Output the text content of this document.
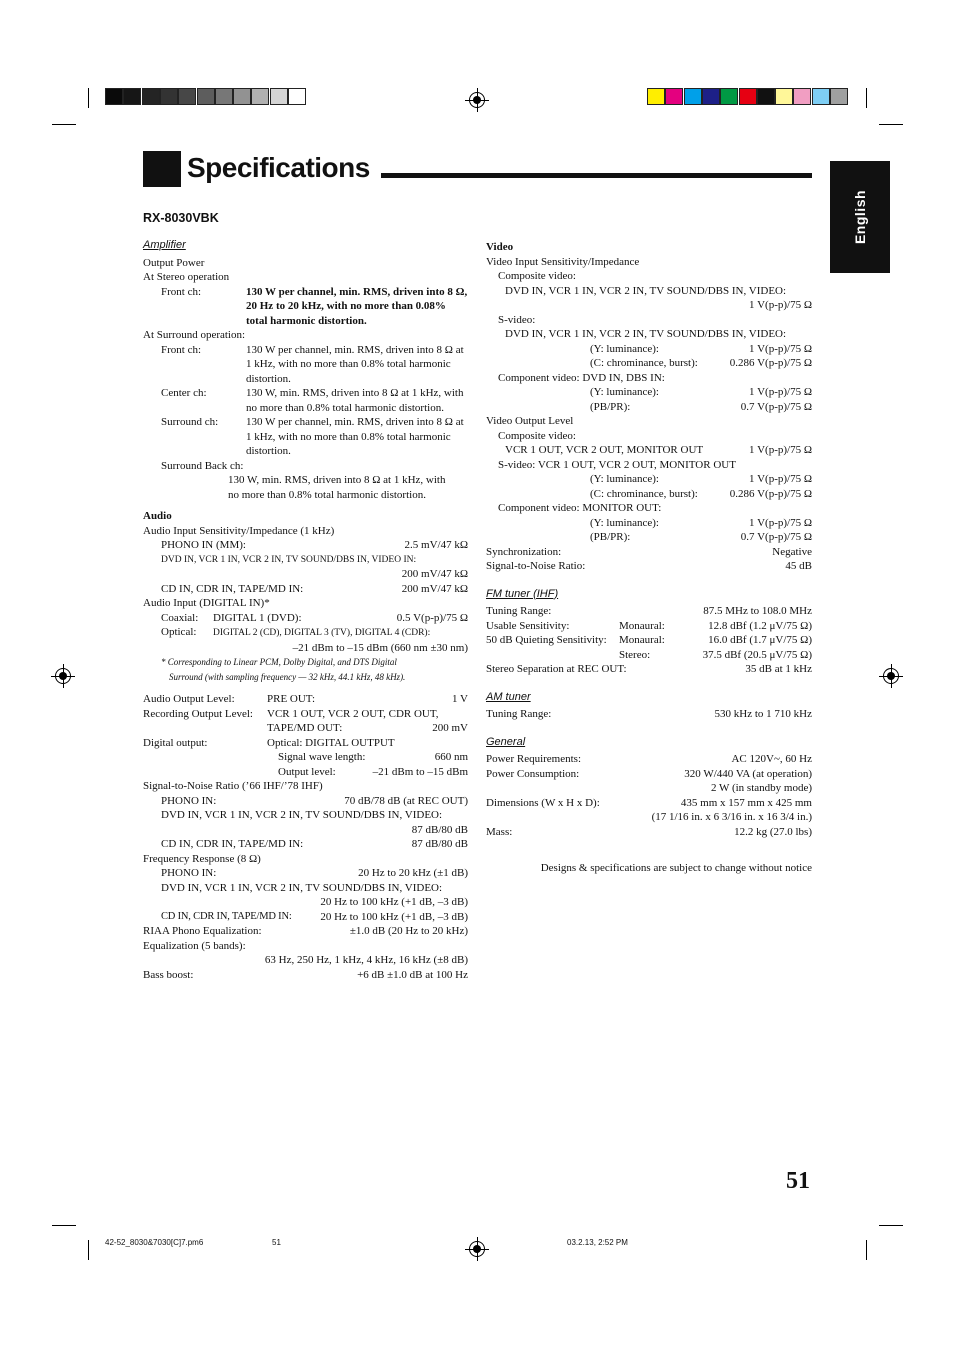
Specifications
English
RX-8030VBK
Amplifier
Output Power
At Stereo operation
Front ch:	130 W per channel, min. RMS, driven into 8 Ω,
20 Hz to 20 kHz, with no more than 0.08%
total harmonic distortion.
At Surround operation:
Front ch:	130 W per channel, min. RMS, driven into 8 Ω at
1 kHz, with no more than 0.8% total harmonic
distortion.
Center ch:	130 W, min. RMS, driven into 8 Ω at 1 kHz, with
no more than 0.8% total harmonic distortion.
Surround ch:	130 W per channel, min. RMS, driven into 8 Ω at
1 kHz, with no more than 0.8% total harmonic
distortion.
Surround Back ch:
130 W, min. RMS, driven into 8 Ω at 1 kHz, with
no more than 0.8% total harmonic distortion.
Audio
Audio Input Sensitivity/Impedance (1 kHz)
PHONO IN (MM):	2.5 mV/47 kΩ
DVD IN, VCR 1 IN, VCR 2 IN, TV SOUND/DBS IN, VIDEO IN:
200 mV/47 kΩ
CD IN, CDR IN, TAPE/MD IN:	200 mV/47 kΩ
Audio Input (DIGITAL IN)*
Coaxial: DIGITAL 1 (DVD):	0.5 V(p-p)/75 Ω
Optical: DIGITAL 2 (CD), DIGITAL 3 (TV), DIGITAL 4 (CDR):
–21 dBm to –15 dBm (660 nm ±30 nm)
* Corresponding to Linear PCM, Dolby Digital, and DTS Digital
Surround (with sampling frequency — 32 kHz, 44.1 kHz, 48 kHz).
Audio Output Level:	PRE OUT:	1 V
Recording Output Level:	VCR 1 OUT, VCR 2 OUT, CDR OUT,
TAPE/MD OUT:	200 mV
Digital output:	Optical: DIGITAL OUTPUT
Signal wave length:	660 nm
Output level:	–21 dBm to –15 dBm
Signal-to-Noise Ratio (’66 IHF/’78 IHF)
PHONO IN:	70 dB/78 dB (at REC OUT)
DVD IN, VCR 1 IN, VCR 2 IN, TV SOUND/DBS IN, VIDEO:
87 dB/80 dB
CD IN, CDR IN, TAPE/MD IN:	87 dB/80 dB
Frequency Response (8 Ω)
PHONO IN:	20 Hz to 20 kHz (±1 dB)
DVD IN, VCR 1 IN, VCR 2 IN, TV SOUND/DBS IN, VIDEO:
20 Hz to 100 kHz (+1 dB, –3 dB)
CD IN, CDR IN, TAPE/MD IN:	20 Hz to 100 kHz (+1 dB, –3 dB)
RIAA Phono Equalization:	±1.0 dB (20 Hz to 20 kHz)
Equalization (5 bands):
63 Hz, 250 Hz, 1 kHz, 4 kHz, 16 kHz (±8 dB)
Bass boost:	+6 dB ±1.0 dB at 100 Hz
Video
Video Input Sensitivity/Impedance
Composite video:
DVD IN, VCR 1 IN, VCR 2 IN, TV SOUND/DBS IN, VIDEO:
1 V(p-p)/75 Ω
S-video:
DVD IN, VCR 1 IN, VCR 2 IN, TV SOUND/DBS IN, VIDEO:
(Y: luminance):	1 V(p-p)/75 Ω
(C: chrominance, burst):	0.286 V(p-p)/75 Ω
Component video: DVD IN, DBS IN:
(Y: luminance):	1 V(p-p)/75 Ω
(PB/PR):	0.7 V(p-p)/75 Ω
Video Output Level
Composite video:
VCR 1 OUT, VCR 2 OUT, MONITOR OUT	1 V(p-p)/75 Ω
S-video: VCR 1 OUT, VCR 2 OUT, MONITOR OUT
(Y: luminance):	1 V(p-p)/75 Ω
(C: chrominance, burst):	0.286 V(p-p)/75 Ω
Component video: MONITOR OUT:
(Y: luminance):	1 V(p-p)/75 Ω
(PB/PR):	0.7 V(p-p)/75 Ω
Synchronization:	Negative
Signal-to-Noise Ratio:	45 dB
FM tuner (IHF)
Tuning Range:	87.5 MHz to 108.0 MHz
Usable Sensitivity:	Monaural:	12.8 dBf (1.2 μV/75 Ω)
50 dB Quieting Sensitivity:	Monaural:	16.0 dBf (1.7 μV/75 Ω)
Stereo:	37.5 dBf (20.5 μV/75 Ω)
Stereo Separation at REC OUT:	35 dB at 1 kHz
AM tuner
Tuning Range:	530 kHz to 1 710 kHz
General
Power Requirements:	AC 120V~, 60 Hz
Power Consumption:	320 W/440 VA (at operation)
2 W (in standby mode)
Dimensions (W x H x D):	435 mm x 157 mm x 425 mm
(17 1/16 in. x 6 3/16 in. x 16 3/4 in.)
Mass:	12.2 kg (27.0 lbs)
Designs & specifications are subject to change without notice
51
42-52_8030&7030[C]7.pm6	51	03.2.13, 2:52 PM
